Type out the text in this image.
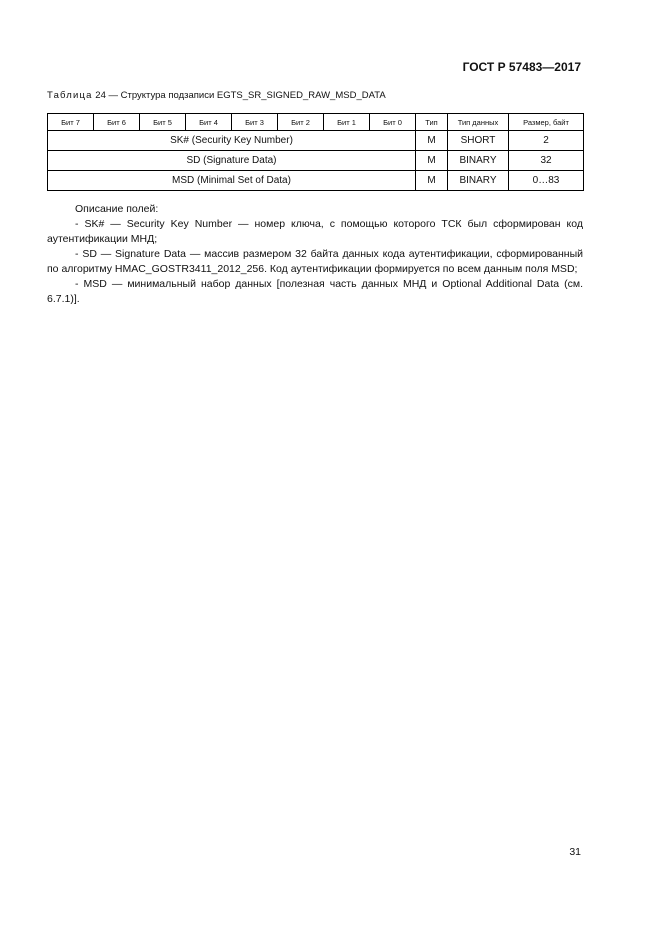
ГОСТ Р 57483—2017
Таблица 24 — Структура подзаписи EGTS_SR_SIGNED_RAW_MSD_DATA
Бит 7	Бит 6	Бит 5	Бит 4	Бит 3	Бит 2	Бит 1	Бит 0	Тип	Тип данных	Размер, байт
SK# (Security Key Number)								M	SHORT	2
SD (Signature Data)								M	BINARY	32
MSD (Minimal Set of Data)								M	BINARY	0…83

Описание полей:

- SK# — Security Key Number — номер ключа, с помощью которого ТСК был сформирован код аутентификации МНД;

- SD — Signature Data — массив размером 32 байта данных кода аутентификации, сформированный по алгоритму HMAC_GOSTR3411_2012_256. Код аутентификации формируется по всем данным поля MSD;

- MSD — минимальный набор данных [полезная часть данных МНД и Optional Additional Data (см. 6.7.1)].

31
